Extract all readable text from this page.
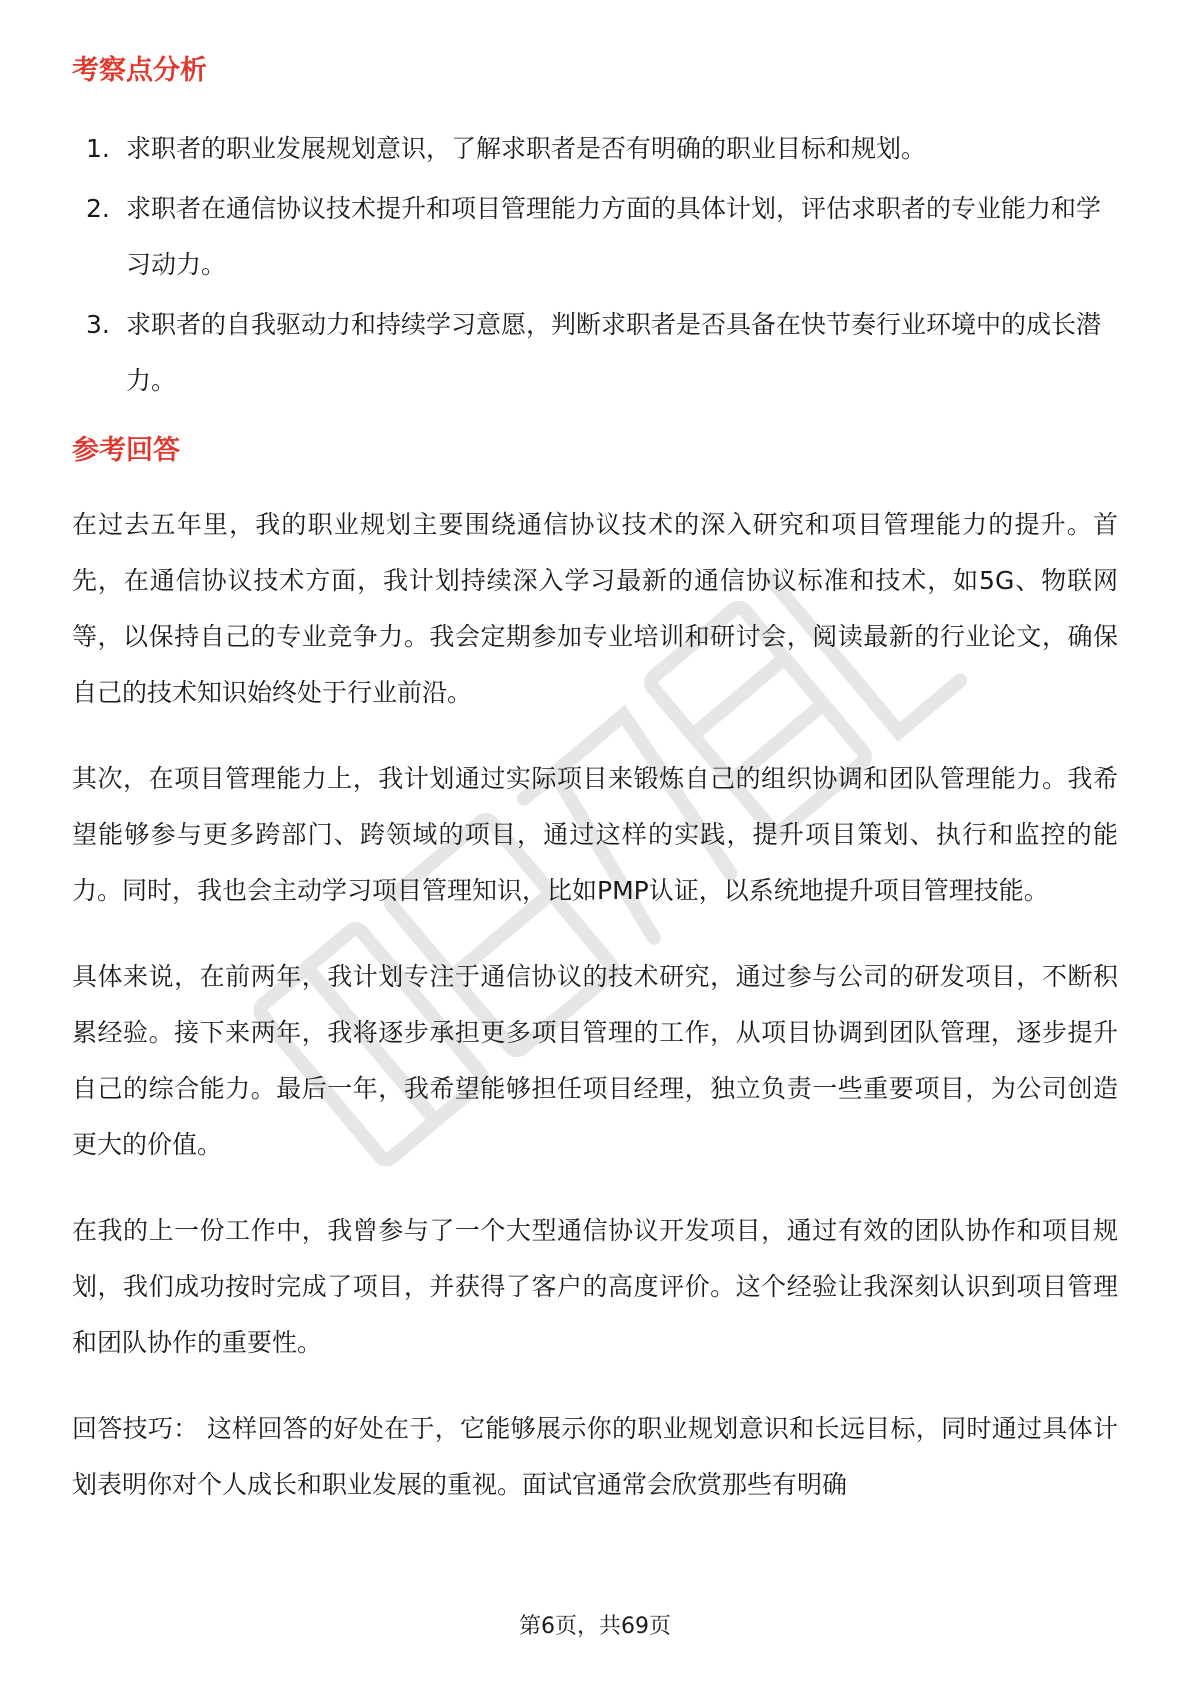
考察点分析
1. 求职者的职业发展规划意识，了解求职者是否有明确的职业目标和规划。
2. 求职者在通信协议技术提升和项目管理能力方面的具体计划，评估求职者的专业能力和学习动力。
3. 求职者的自我驱动力和持续学习意愿，判断求职者是否具备在快节奏行业环境中的成长潜力。
参考回答

在过去五年里，我的职业规划主要围绕通信协议技术的深入研究和项目管理能力的提升。首先，在通信协议技术方面，我计划持续深入学习最新的通信协议标准和技术，如5G、物联网等，以保持自己的专业竞争力。我会定期参加专业培训和研讨会，阅读最新的行业论文，确保自己的技术知识始终处于行业前沿。

其次，在项目管理能力上，我计划通过实际项目来锻炼自己的组织协调和团队管理能力。我希望能够参与更多跨部门、跨领域的项目，通过这样的实践，提升项目策划、执行和监控的能力。同时，我也会主动学习项目管理知识，比如PMP认证，以系统地提升项目管理技能。

具体来说，在前两年，我计划专注于通信协议的技术研究，通过参与公司的研发项目，不断积累经验。接下来两年，我将逐步承担更多项目管理的工作，从项目协调到团队管理，逐步提升自己的综合能力。最后一年，我希望能够担任项目经理，独立负责一些重要项目，为公司创造更大的价值。

在我的上一份工作中，我曾参与了一个大型通信协议开发项目，通过有效的团队协作和项目规划，我们成功按时完成了项目，并获得了客户的高度评价。这个经验让我深刻认识到项目管理和团队协作的重要性。

回答技巧： 这样回答的好处在于，它能够展示你的职业规划意识和长远目标，同时通过具体计划表明你对个人成长和职业发展的重视。面试官通常会欣赏那些有明确

第6页，共69页
